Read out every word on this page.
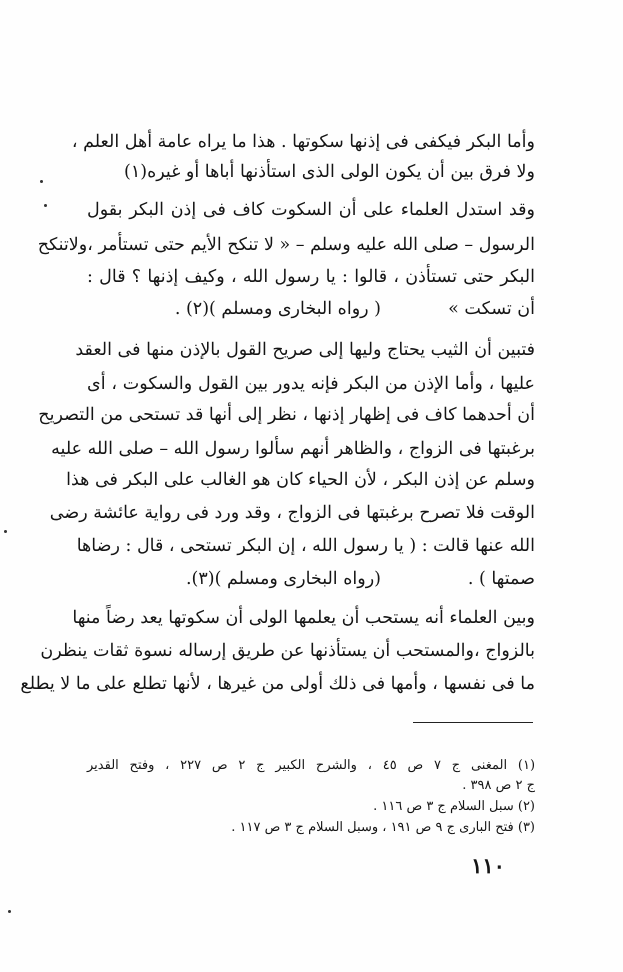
وأما البكر فيكفى فى إذنها سكوتها . هذا ما يراه عامة أهل العلم ،
ولا فرق بين أن يكون الولى الذى استأذنها أباها أو غيره(١)
وقد استدل العلماء على أن السكوت كاف فى إذن البكر بقول
الرسول – صلى الله عليه وسلم – « لا تنكح الأيم حتى تستأمر ،ولاتنكح
البكر حتى تستأذن ، قالوا : يا رسول الله ، وكيف إذنها ؟ قال :
أن تسكت »
( رواه البخارى ومسلم )(٢) .
فتبين أن الثيب يحتاج وليها إلى صريح القول بالإذن منها فى العقد
عليها ، وأما الإذن من البكر فإنه يدور بين القول والسكوت ، أى
أن أحدهما كاف فى إظهار إذنها ، نظر إلى أنها قد تستحى من التصريح
برغبتها فى الزواج ، والظاهر أنهم سألوا رسول الله – صلى الله عليه
وسلم عن إذن البكر ، لأن الحياء كان هو الغالب على البكر فى هذا
الوقت فلا تصرح برغبتها فى الزواج ، وقد ورد فى رواية عائشة رضى
الله عنها قالت : ( يا رسول الله ، إن البكر تستحى ، قال : رضاها
صمتها ) .
(رواه البخارى ومسلم )(٣).
وبين العلماء أنه يستحب أن يعلمها الولى أن سكوتها يعد رضاً منها
بالزواج ،والمستحب أن يستأذنها عن طريق إرساله نسوة ثقات ينظرن
ما فى نفسها ، وأمها فى ذلك أولى من غيرها ، لأنها تطلع على ما لا يطلع
(١) المغنى ج ٧ ص ٤٥ ، والشرح الكبير ج ٢ ص ٢٢٧ ، وفتح القدير
ج ٢ ص ٣٩٨ .
(٢) سبل السلام ج ٣ ص ١١٦ .
(٣) فتح البارى ج ٩ ص ١٩١ ، وسبل السلام ج ٣ ص ١١٧ .
١١٠
